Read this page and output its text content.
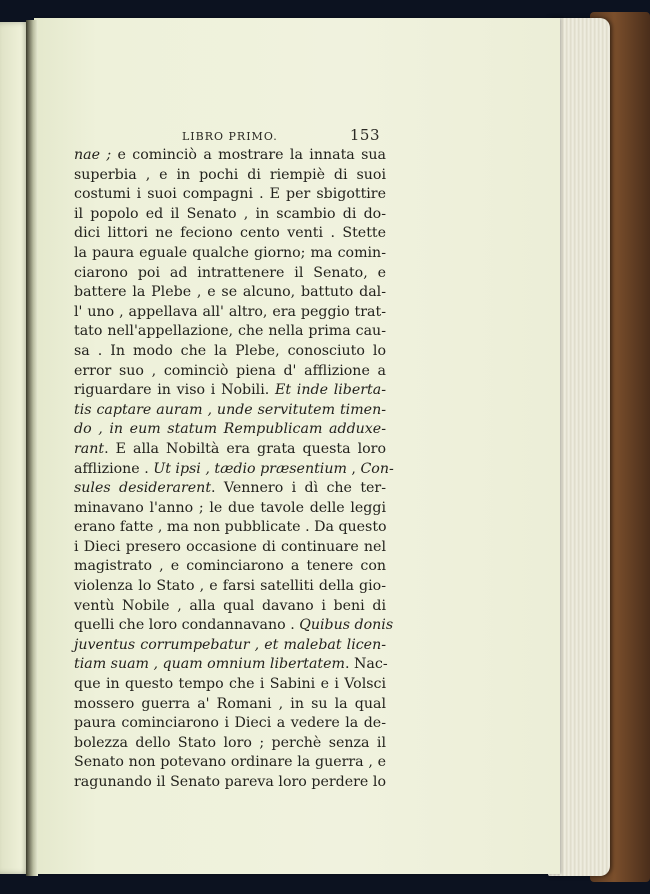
LIBRO PRIMO.	153
nae ; e cominciò a mostrare la innata sua
superbia , e in pochi di riempiè di suoi
costumi i suoi compagni . E per sbigottire
il popolo ed il Senato , in scambio di do-
dici littori ne feciono cento venti . Stette
la paura eguale qualche giorno; ma comin-
ciarono poi ad intrattenere il Senato, e
battere la Plebe , e se alcuno, battuto dal-
l' uno , appellava all' altro, era peggio trat-
tato nell'appellazione, che nella prima cau-
sa . In modo che la Plebe, conosciuto lo
error suo , cominciò piena d' afflizione a
riguardare in viso i Nobili. Et inde liberta-
tis captare auram , unde servitutem timen-
do , in eum statum Rempublicam adduxe-
rant. E alla Nobiltà era grata questa loro
afflizione . Ut ipsi , tædio præsentium , Con-
sules desiderarent. Vennero i dì che ter-
minavano l'anno ; le due tavole delle leggi
erano fatte , ma non pubblicate . Da questo
i Dieci presero occasione di continuare nel
magistrato , e cominciarono a tenere con
violenza lo Stato , e farsi satelliti della gio-
ventù Nobile , alla qual davano i beni di
quelli che loro condannavano . Quibus donis
juventus corrumpebatur , et malebat licen-
tiam suam , quam omnium libertatem. Nac-
que in questo tempo che i Sabini e i Volsci
mossero guerra a' Romani , in su la qual
paura cominciarono i Dieci a vedere la de-
bolezza dello Stato loro ; perchè senza il
Senato non potevano ordinare la guerra , e
ragunando il Senato pareva loro perdere lo
